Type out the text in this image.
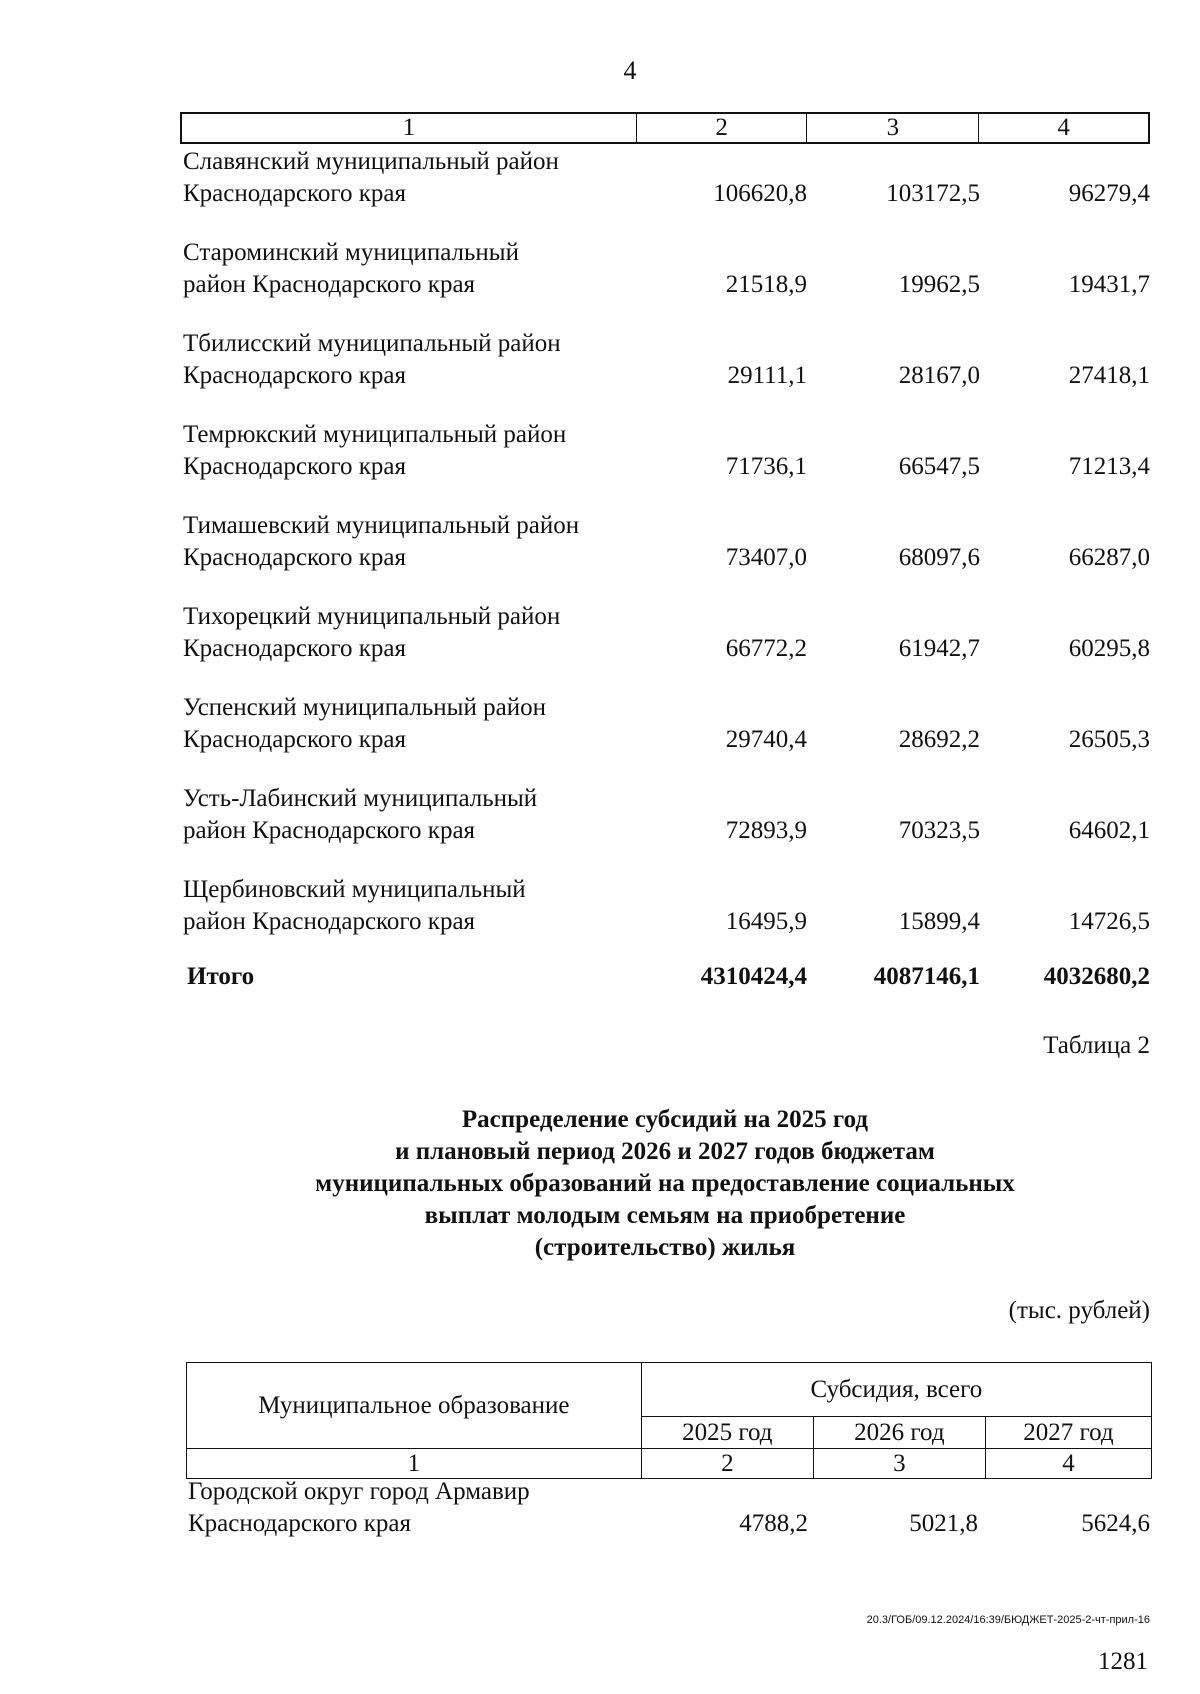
4
1	2	3	4
Славянский муниципальный район
Краснодарского края	106620,8	103172,5	96279,4
Староминский муниципальный
район Краснодарского края	21518,9	19962,5	19431,7
Тбилисский муниципальный район
Краснодарского края	29111,1	28167,0	27418,1
Темрюкский муниципальный район
Краснодарского края	71736,1	66547,5	71213,4
Тимашевский муниципальный район
Краснодарского края	73407,0	68097,6	66287,0
Тихорецкий муниципальный район
Краснодарского края	66772,2	61942,7	60295,8
Успенский муниципальный район
Краснодарского края	29740,4	28692,2	26505,3
Усть-Лабинский муниципальный
район Краснодарского края	72893,9	70323,5	64602,1
Щербиновский муниципальный
район Краснодарского края	16495,9	15899,4	14726,5
Итого	4310424,4	4087146,1	4032680,2
Таблица 2
Распределение субсидий на 2025 год
и плановый период 2026 и 2027 годов бюджетам
муниципальных образований на предоставление социальных
выплат молодым семьям на приобретение
(строительство) жилья
(тыс. рублей)
Муниципальное образование	Субсидия, всего		
	2025 год	2026 год	2027 год
1	2	3	4
Городской округ город Армавир
Краснодарского края	4788,2	5021,8	5624,6
20.3/ГОБ/09.12.2024/16:39/БЮДЖЕТ-2025-2-чт-прил-16
1281
